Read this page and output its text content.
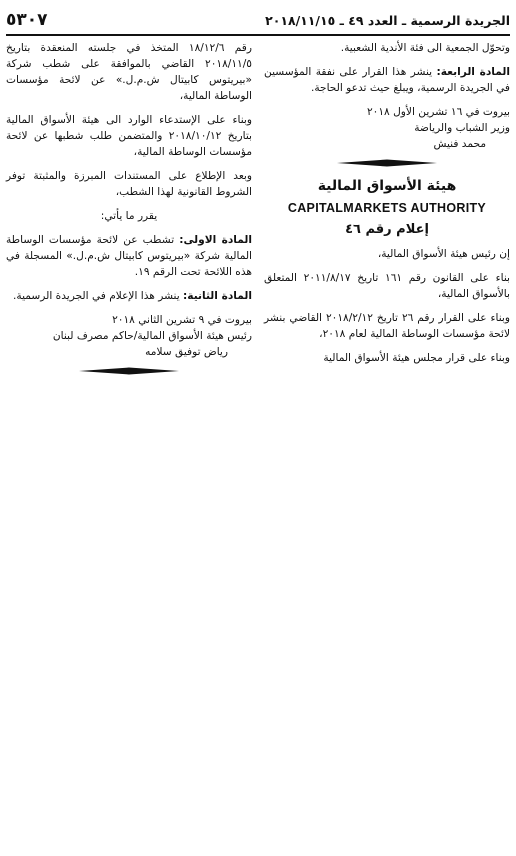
الجريدة الرسمية ـ العدد ٤٩ ـ ٢٠١٨/١١/١٥
٥٣٠٧

وتحوّل الجمعية الى فئة الأندية الشعبية.

المادة الرابعة: ينشر هذا القرار على نفقة المؤسسين في الجريدة الرسمية، ويبلغ حيث تدعو الحاجة.

بيروت في ١٦ تشرين الأول ٢٠١٨

وزير الشباب والرياضة

محمد فنيش

هيئة الأسواق المالية
CAPITALMARKETS AUTHORITY
إعلام رقم ٤٦

إن رئيس هيئة الأسواق المالية،

بناء على القانون رقم ١٦١ تاريخ ٢٠١١/٨/١٧ المتعلق بالأسواق المالية،

وبناء على القرار رقم ٢٦ تاريخ ٢٠١٨/٢/١٢ القاضي بنشر لائحة مؤسسات الوساطة المالية لعام ٢٠١٨،

وبناء على قرار مجلس هيئة الأسواق المالية

رقم ١٨/١٢/٦ المتخذ في جلسته المنعقدة بتاريخ ٢٠١٨/١١/٥ القاضي بالموافقة على شطب شركة «بيريتوس كابيتال ش.م.ل.» عن لائحة مؤسسات الوساطة المالية،

وبناء على الإستدعاء الوارد الى هيئة الأسواق المالية بتاريخ ٢٠١٨/١٠/١٢ والمتضمن طلب شطبها عن لائحة مؤسسات الوساطة المالية،

وبعد الإطلاع على المستندات المبرزة والمثبتة توفر الشروط القانونية لهذا الشطب،

يقرر ما يأتي:

المادة الاولى: تشطب عن لائحة مؤسسات الوساطة المالية شركة «بيريتوس كابيتال ش.م.ل.» المسجلة في هذه اللائحة تحت الرقم ١٩.

المادة الثانية: ينشر هذا الإعلام في الجريدة الرسمية.

بيروت في ٩ تشرين الثاني ٢٠١٨

رئيس هيئة الأسواق المالية/حاكم مصرف لبنان

رياض توفيق سلامه
